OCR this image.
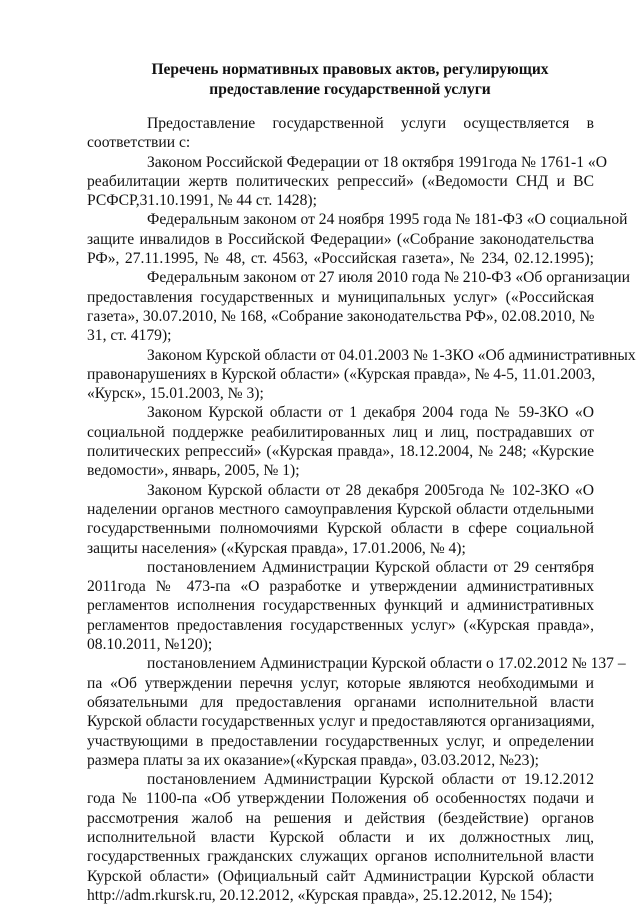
Перечень нормативных правовых актов, регулирующих
предоставление государственной услуги
Предоставление государственной услуги осуществляется в
соответствии с:
Законом Российской Федерации от 18 октября 1991года № 1761-1 «О
реабилитации жертв политических репрессий» («Ведомости СНД и ВС
РСФСР,31.10.1991, № 44 ст. 1428);
Федеральным законом от 24 ноября 1995 года № 181-ФЗ «О социальной
защите инвалидов в Российской Федерации» («Собрание законодательства
РФ», 27.11.1995, № 48, ст. 4563, «Российская газета», № 234, 02.12.1995);
Федеральным законом от 27 июля 2010 года № 210-ФЗ «Об организации
предоставления государственных и муниципальных услуг» («Российская
газета», 30.07.2010, № 168, «Собрание законодательства РФ», 02.08.2010, №
31, ст. 4179);
Законом Курской области от 04.01.2003 № 1-ЗКО «Об административных
правонарушениях в Курской области» («Курская правда», № 4-5, 11.01.2003,
«Курск», 15.01.2003, № 3);
Законом Курской области от 1 декабря 2004 года № 59-ЗКО «О
социальной поддержке реабилитированных лиц и лиц, пострадавших от
политических репрессий» («Курская правда», 18.12.2004, № 248; «Курские
ведомости», январь, 2005, № 1);
Законом Курской области от 28 декабря 2005года № 102-ЗКО «О
наделении органов местного самоуправления Курской области отдельными
государственными полномочиями Курской области в сфере социальной
защиты населения» («Курская правда», 17.01.2006, № 4);
постановлением Администрации Курской области от 29 сентября
2011года № 473-па «О разработке и утверждении административных
регламентов исполнения государственных функций и административных
регламентов предоставления государственных услуг» («Курская правда»,
08.10.2011, №120);
постановлением Администрации Курской области о 17.02.2012 № 137 –
па «Об утверждении перечня услуг, которые являются необходимыми и
обязательными для предоставления органами исполнительной власти
Курской области государственных услуг и предоставляются организациями,
участвующими в предоставлении государственных услуг, и определении
размера платы за их оказание»(«Курская правда», 03.03.2012, №23);
постановлением Администрации Курской области от 19.12.2012
года № 1100-па «Об утверждении Положения об особенностях подачи и
рассмотрения жалоб на решения и действия (бездействие) органов
исполнительной власти Курской области и их должностных лиц,
государственных гражданских служащих органов исполнительной власти
Курской области» (Официальный сайт Администрации Курской области
http://adm.rkursk.ru, 20.12.2012, «Курская правда», 25.12.2012, № 154);
